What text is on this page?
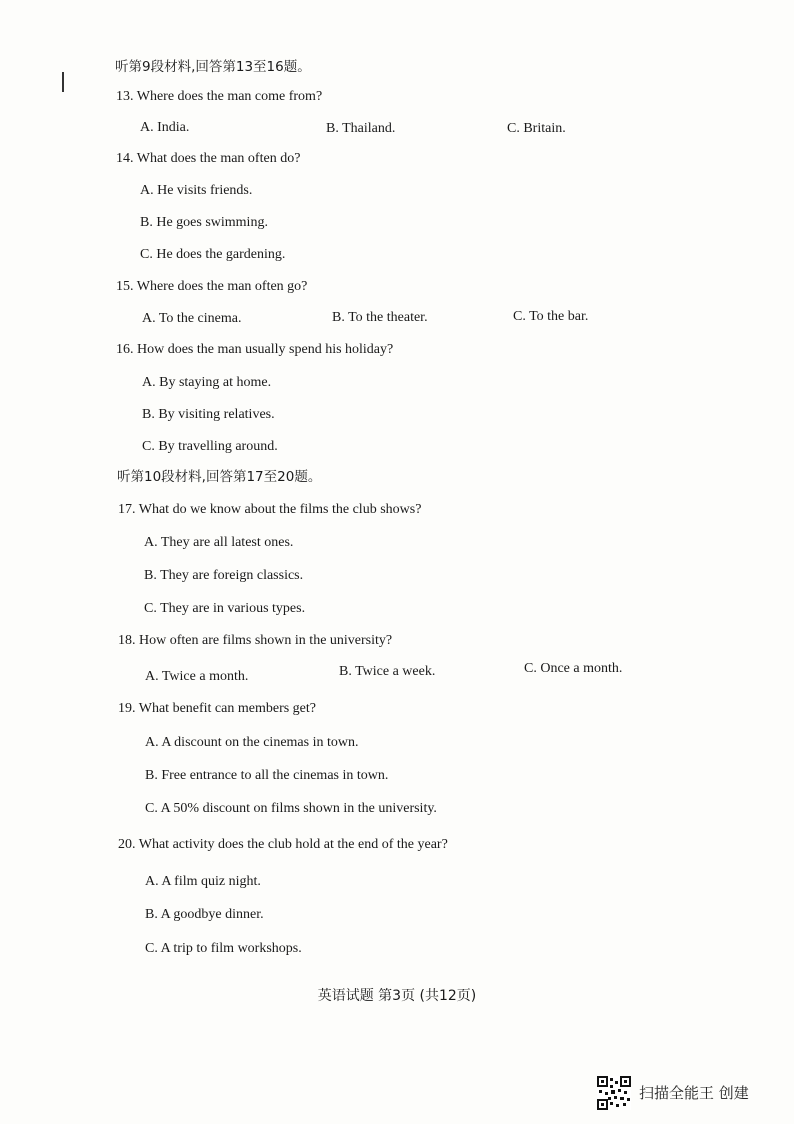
听第9段材料,回答第13至16题。
13. Where does the man come from?
A. India.	B. Thailand.	C. Britain.
14. What does the man often do?
A. He visits friends.
B. He goes swimming.
C. He does the gardening.
15. Where does the man often go?
A. To the cinema.	B. To the theater.	C. To the bar.
16. How does the man usually spend his holiday?
A. By staying at home.
B. By visiting relatives.
C. By travelling around.
听第10段材料,回答第17至20题。
17. What do we know about the films the club shows?
A. They are all latest ones.
B. They are foreign classics.
C. They are in various types.
18. How often are films shown in the university?
A. Twice a month.	B. Twice a week.	C. Once a month.
19. What benefit can members get?
A. A discount on the cinemas in town.
B. Free entrance to all the cinemas in town.
C. A 50% discount on films shown in the university.
20. What activity does the club hold at the end of the year?
A. A film quiz night.
B. A goodbye dinner.
C. A trip to film workshops.
英语试题 第3页 (共12页)
扫描全能王 创建
